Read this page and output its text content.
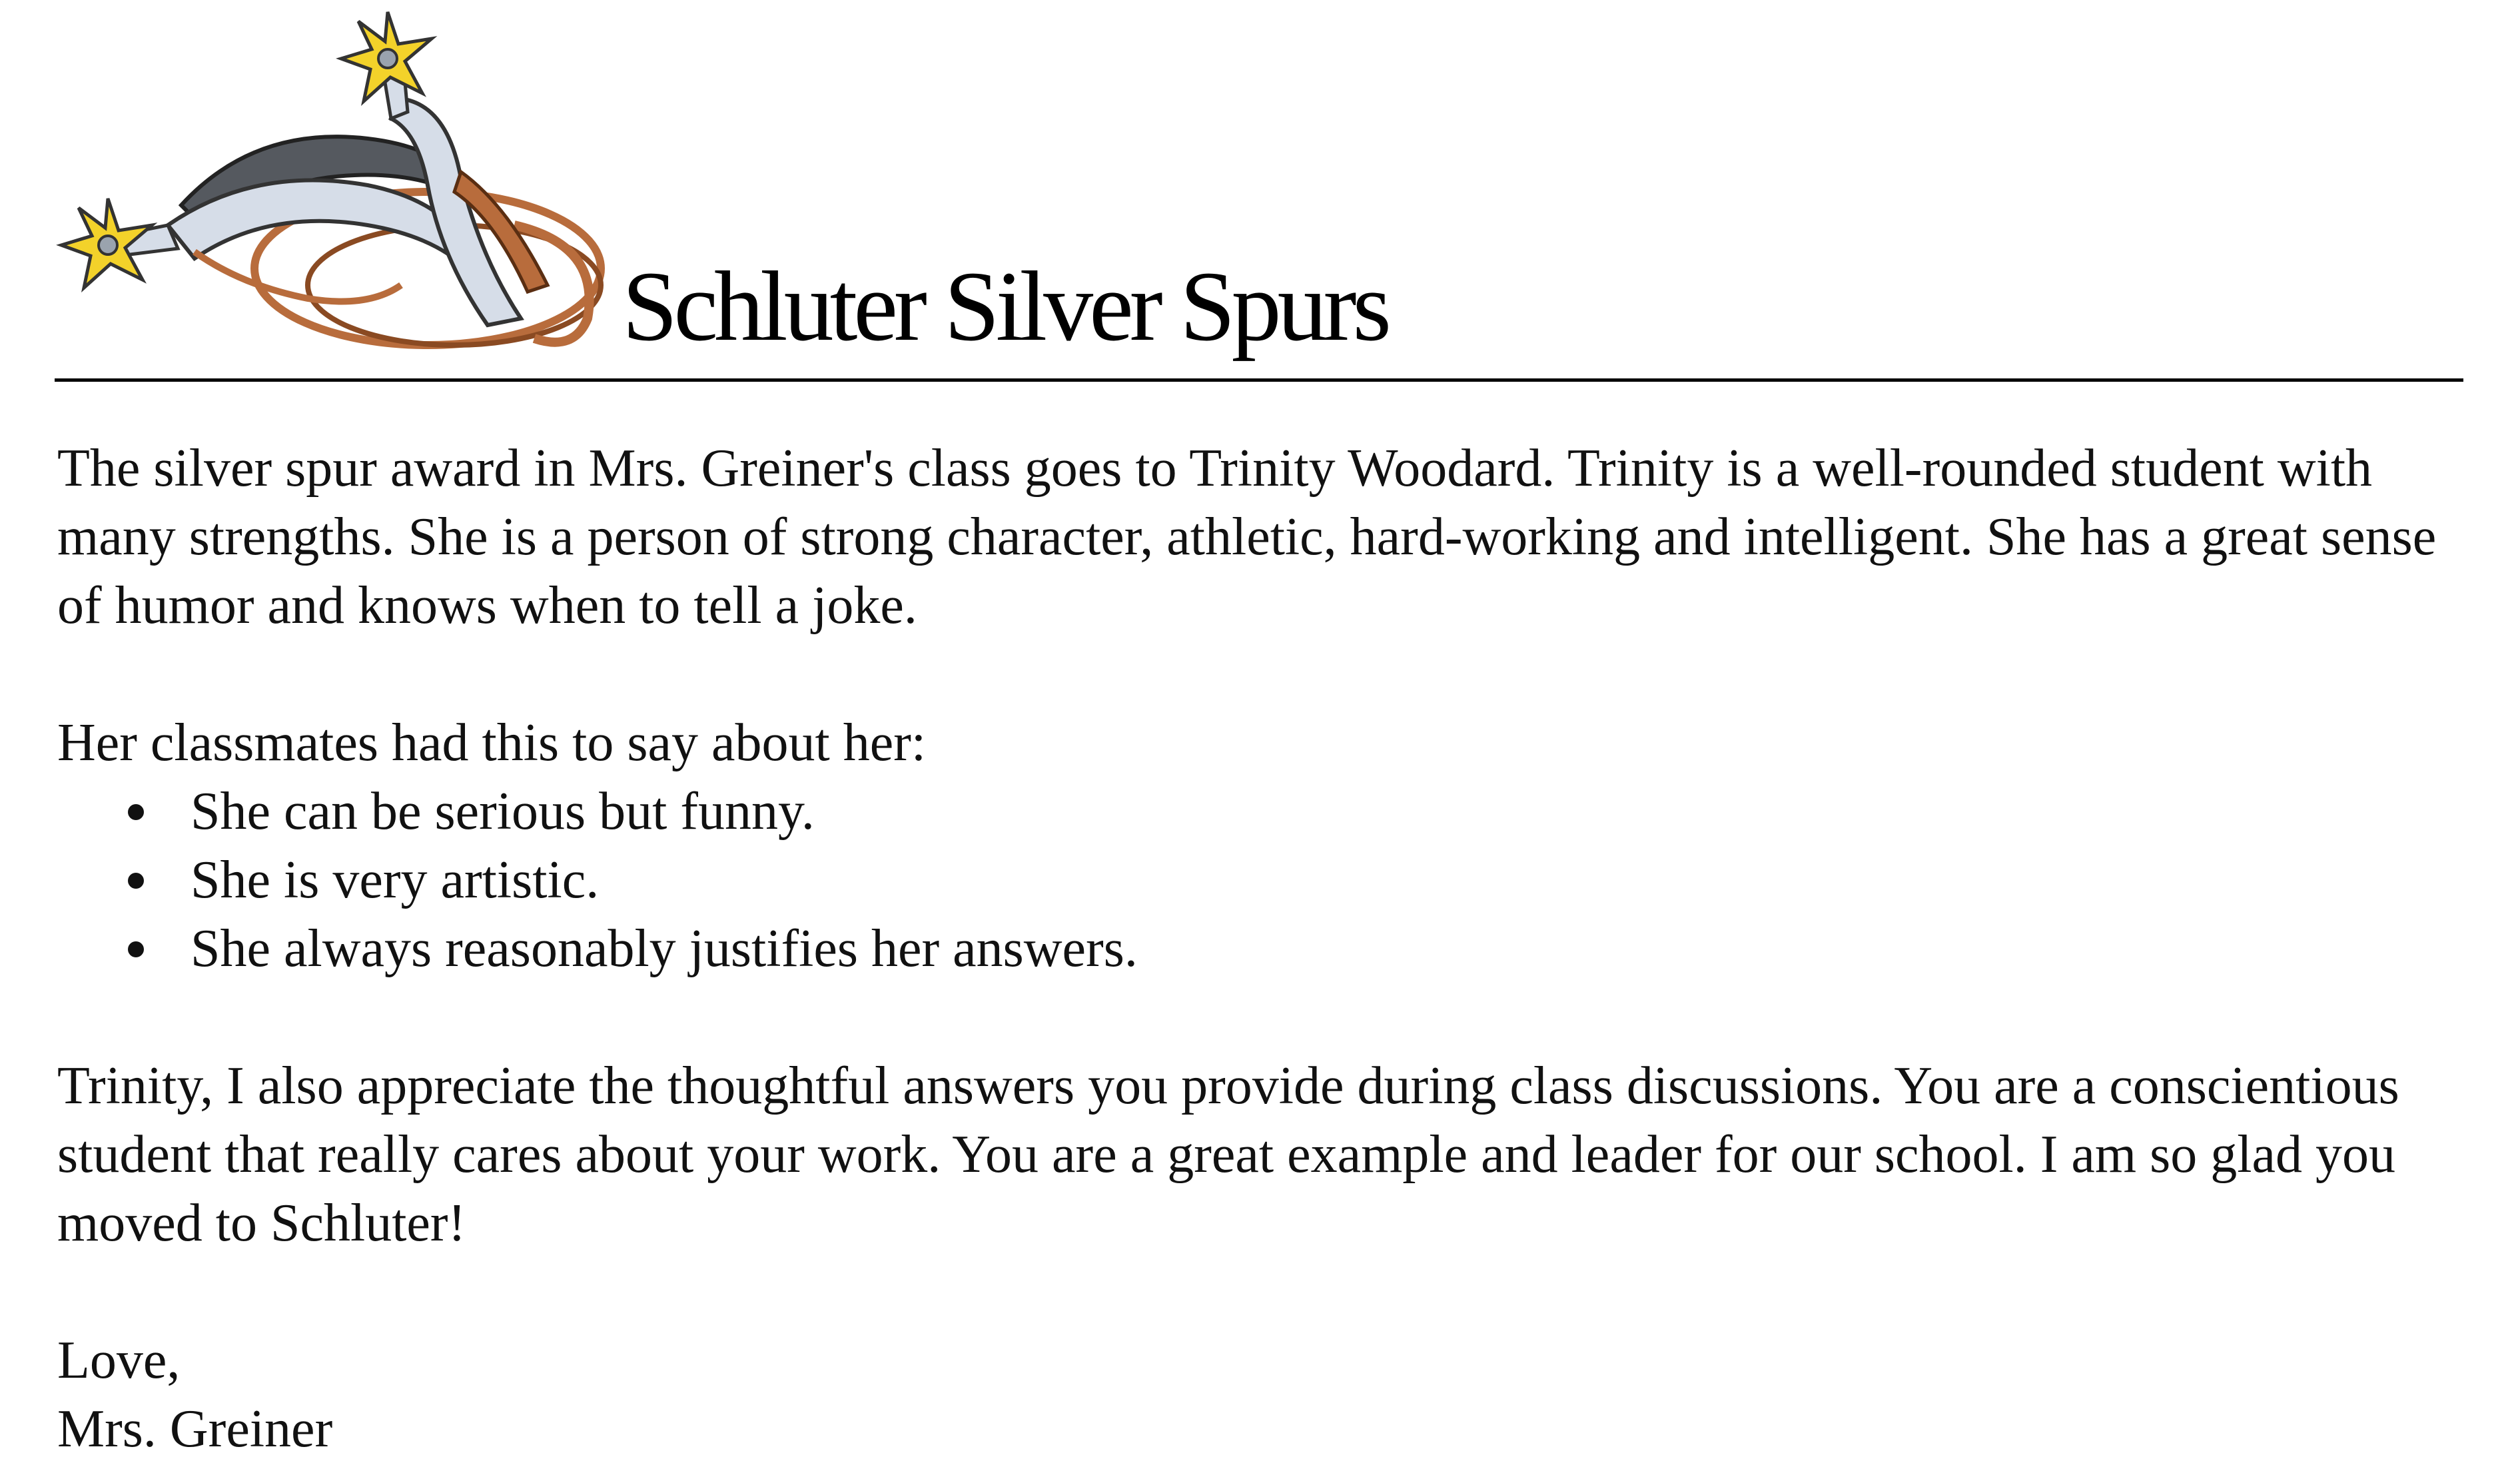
Schluter Silver Spurs

The silver spur award in Mrs. Greiner's class goes to Trinity Woodard. Trinity is a well-rounded student with many strengths. She is a person of strong character, athletic, hard-working and intelligent. She has a great sense of humor and knows when to tell a joke.

Her classmates had this to say about her:

She can be serious but funny.
She is very artistic.
She always reasonably justifies her answers.

Trinity, I also appreciate the thoughtful answers you provide during class discussions. You are a conscientious student that really cares about your work. You are a great example and leader for our school. I am so glad you moved to Schluter!

Love,

Mrs. Greiner
